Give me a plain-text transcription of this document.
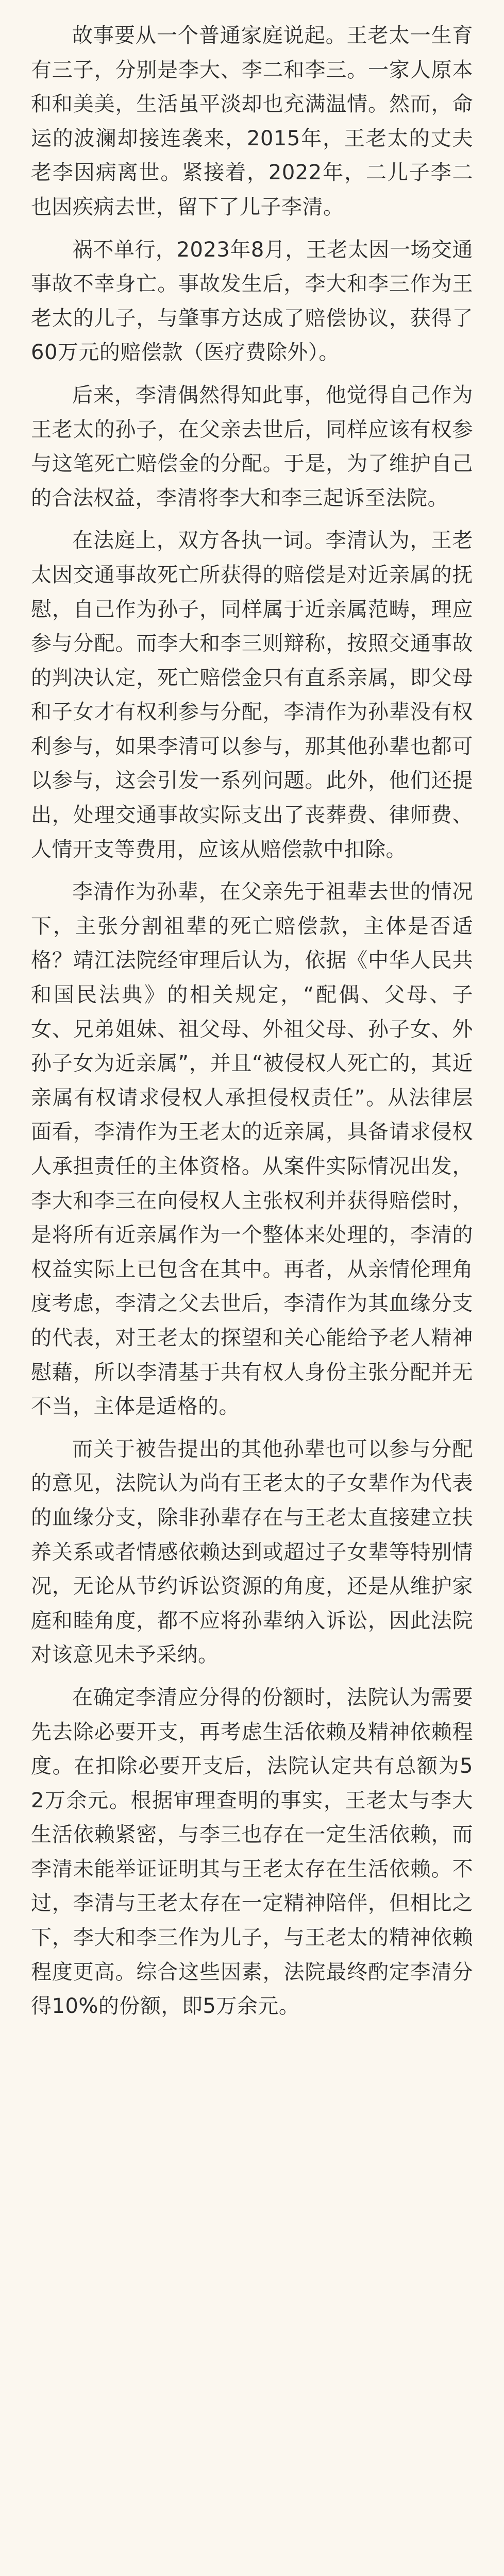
故事要从一个普通家庭说起。王老太一生育有三子，分别是李大、李二和李三。一家人原本和和美美，生活虽平淡却也充满温情。然而，命运的波澜却接连袭来，2015年，王老太的丈夫老李因病离世。紧接着，2022年，二儿子李二也因疾病去世，留下了儿子李清。

祸不单行，2023年8月，王老太因一场交通事故不幸身亡。事故发生后，李大和李三作为王老太的儿子，与肇事方达成了赔偿协议，获得了60万元的赔偿款（医疗费除外）。

后来，李清偶然得知此事，他觉得自己作为王老太的孙子，在父亲去世后，同样应该有权参与这笔死亡赔偿金的分配。于是，为了维护自己的合法权益，李清将李大和李三起诉至法院。

在法庭上，双方各执一词。李清认为，王老太因交通事故死亡所获得的赔偿是对近亲属的抚慰，自己作为孙子，同样属于近亲属范畴，理应参与分配。而李大和李三则辩称，按照交通事故的判决认定，死亡赔偿金只有直系亲属，即父母和子女才有权利参与分配，李清作为孙辈没有权利参与，如果李清可以参与，那其他孙辈也都可以参与，这会引发一系列问题。此外，他们还提出，处理交通事故实际支出了丧葬费、律师费、人情开支等费用，应该从赔偿款中扣除。

李清作为孙辈，在父亲先于祖辈去世的情况下，主张分割祖辈的死亡赔偿款，主体是否适格？靖江法院经审理后认为，依据《中华人民共和国民法典》的相关规定，“配偶、父母、子女、兄弟姐妹、祖父母、外祖父母、孙子女、外孙子女为近亲属”，并且“被侵权人死亡的，其近亲属有权请求侵权人承担侵权责任”。从法律层面看，李清作为王老太的近亲属，具备请求侵权人承担责任的主体资格。从案件实际情况出发，李大和李三在向侵权人主张权利并获得赔偿时，是将所有近亲属作为一个整体来处理的，李清的权益实际上已包含在其中。再者，从亲情伦理角度考虑，李清之父去世后，李清作为其血缘分支的代表，对王老太的探望和关心能给予老人精神慰藉，所以李清基于共有权人身份主张分配并无不当，主体是适格的。

而关于被告提出的其他孙辈也可以参与分配的意见，法院认为尚有王老太的子女辈作为代表的血缘分支，除非孙辈存在与王老太直接建立扶养关系或者情感依赖达到或超过子女辈等特别情况，无论从节约诉讼资源的角度，还是从维护家庭和睦角度，都不应将孙辈纳入诉讼，因此法院对该意见未予采纳。

在确定李清应分得的份额时，法院认为需要先去除必要开支，再考虑生活依赖及精神依赖程度。在扣除必要开支后，法院认定共有总额为52万余元。根据审理查明的事实，王老太与李大生活依赖紧密，与李三也存在一定生活依赖，而李清未能举证证明其与王老太存在生活依赖。不过，李清与王老太存在一定精神陪伴，但相比之下，李大和李三作为儿子，与王老太的精神依赖程度更高。综合这些因素，法院最终酌定李清分得10%的份额，即5万余元。
